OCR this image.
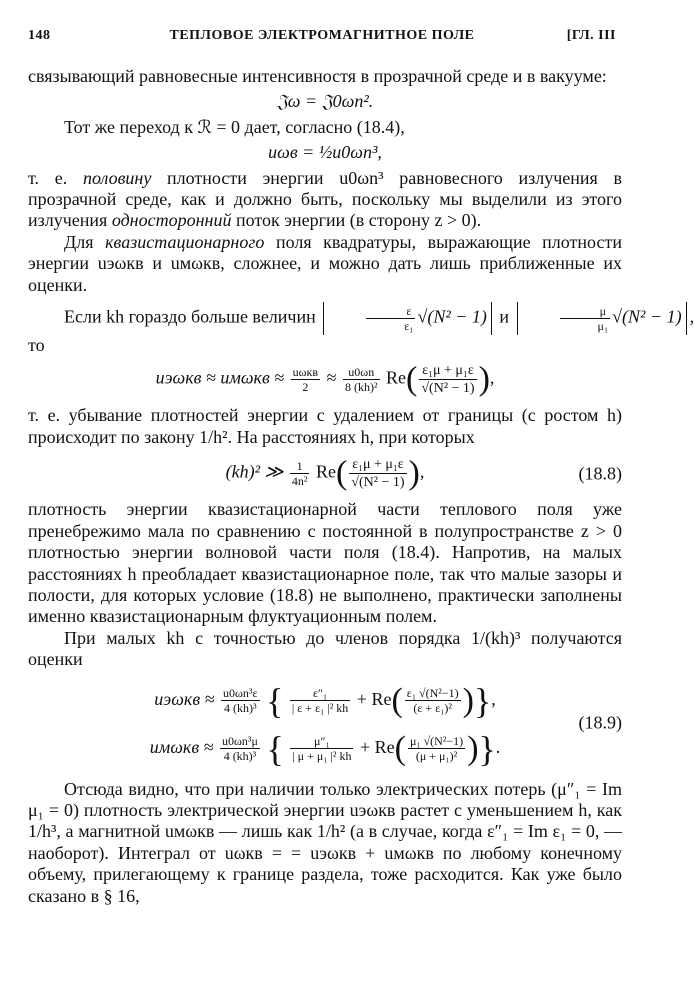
148	ТЕПЛОВОЕ ЭЛЕКТРОМАГНИТНОЕ ПОЛЕ	[ГЛ. III

связывающий равновесные интенсивностя в прозрачной среде и в вакууме:

𝔍ω = 𝔍0ωn².

Тот же переход к ℛ = 0 дает, согласно (18.4),

uωв = ½u0ωn³,

т. е. половину плотности энергии u0ωn³ равновесного излучения в прозрачной среде, как и должно быть, поскольку мы выделили из этого излучения односторонний поток энергии (в сторону z > 0).

Для квазистационарного поля квадратуры, выражающие плотности энергии uэωкв и uмωкв, сложнее, и можно дать лишь приближенные их оценки.

Если kh гораздо больше величин	$\frac{\varepsilon}{\text{ε₁}} √(N^2 - 1)$ и	$\frac{\mu}{\text{μ₁}} √(N^2 - 1)$ ,

то

$uэ\omega кв \approx uм\omega кв \approx \frac{\text{uωкв}}{2} \approx \frac{u0\omega n}{\text{8 (kh)²}} Re( \frac{\text{ε₁μ + μ₁ε}}{\text{√(N² − 1)}}$ ),

т. е. убывание плотностей энергии с удалением от границы (с ростом h) происходит по закону 1/h². На расстояниях h, при которых

(kh)² ≫ $\frac{1}{\text{4n²}} Re( \frac{\text{ε₁μ + μ₁ε}}{\text{√(N² − 1)}}$ ),	(18.8)

плотность энергии квазистационарной части теплового поля уже пренебрежимо мала по сравнению с постоянной в полупространстве z > 0 плотностью энергии волновой части поля (18.4). Напротив, на малых расстояниях h преобладает квазистационарное поле, так что малые зазоры и полости, для которых условие (18.8) не выполнено, практически заполнены именно квазистационарным флуктуационным полем.

При малых kh с точностью до членов порядка 1/(kh)³ получаются оценки

$uэ\omega кв \approx \frac{\text{u0ωn³ε}}{\text{4 (kh)³}}$ { $\frac{\text{ε″₁}}{\text{| ε + ε₁ |² kh}} + Re( \frac{\text{ε₁ √(N²−1)}}{\text{(ε + ε₁)²}}$ )},
$uм\omega кв \approx \frac{\text{u0ωn³μ}}{\text{4 (kh)³}}$ { $\frac{\text{μ″₁}}{\text{| μ + μ₁ |² kh}} + Re( \frac{\text{μ₁ √(N²−1)}}{\text{(μ + μ₁)²}}$ )}.
(18.9)

Отсюда видно, что при наличии только электрических потерь (μ″₁ = Im μ₁ = 0) плотность электрической энергии uэωкв растет с уменьшением h, как 1/h³, а магнитной uмωкв — лишь как 1/h² (а в случае, когда ε″₁ = Im ε₁ = 0, — наоборот). Интеграл от uωкв = = uэωкв + uмωкв по любому конечному объему, прилегающему к границе раздела, тоже расходится. Как уже было сказано в § 16,
